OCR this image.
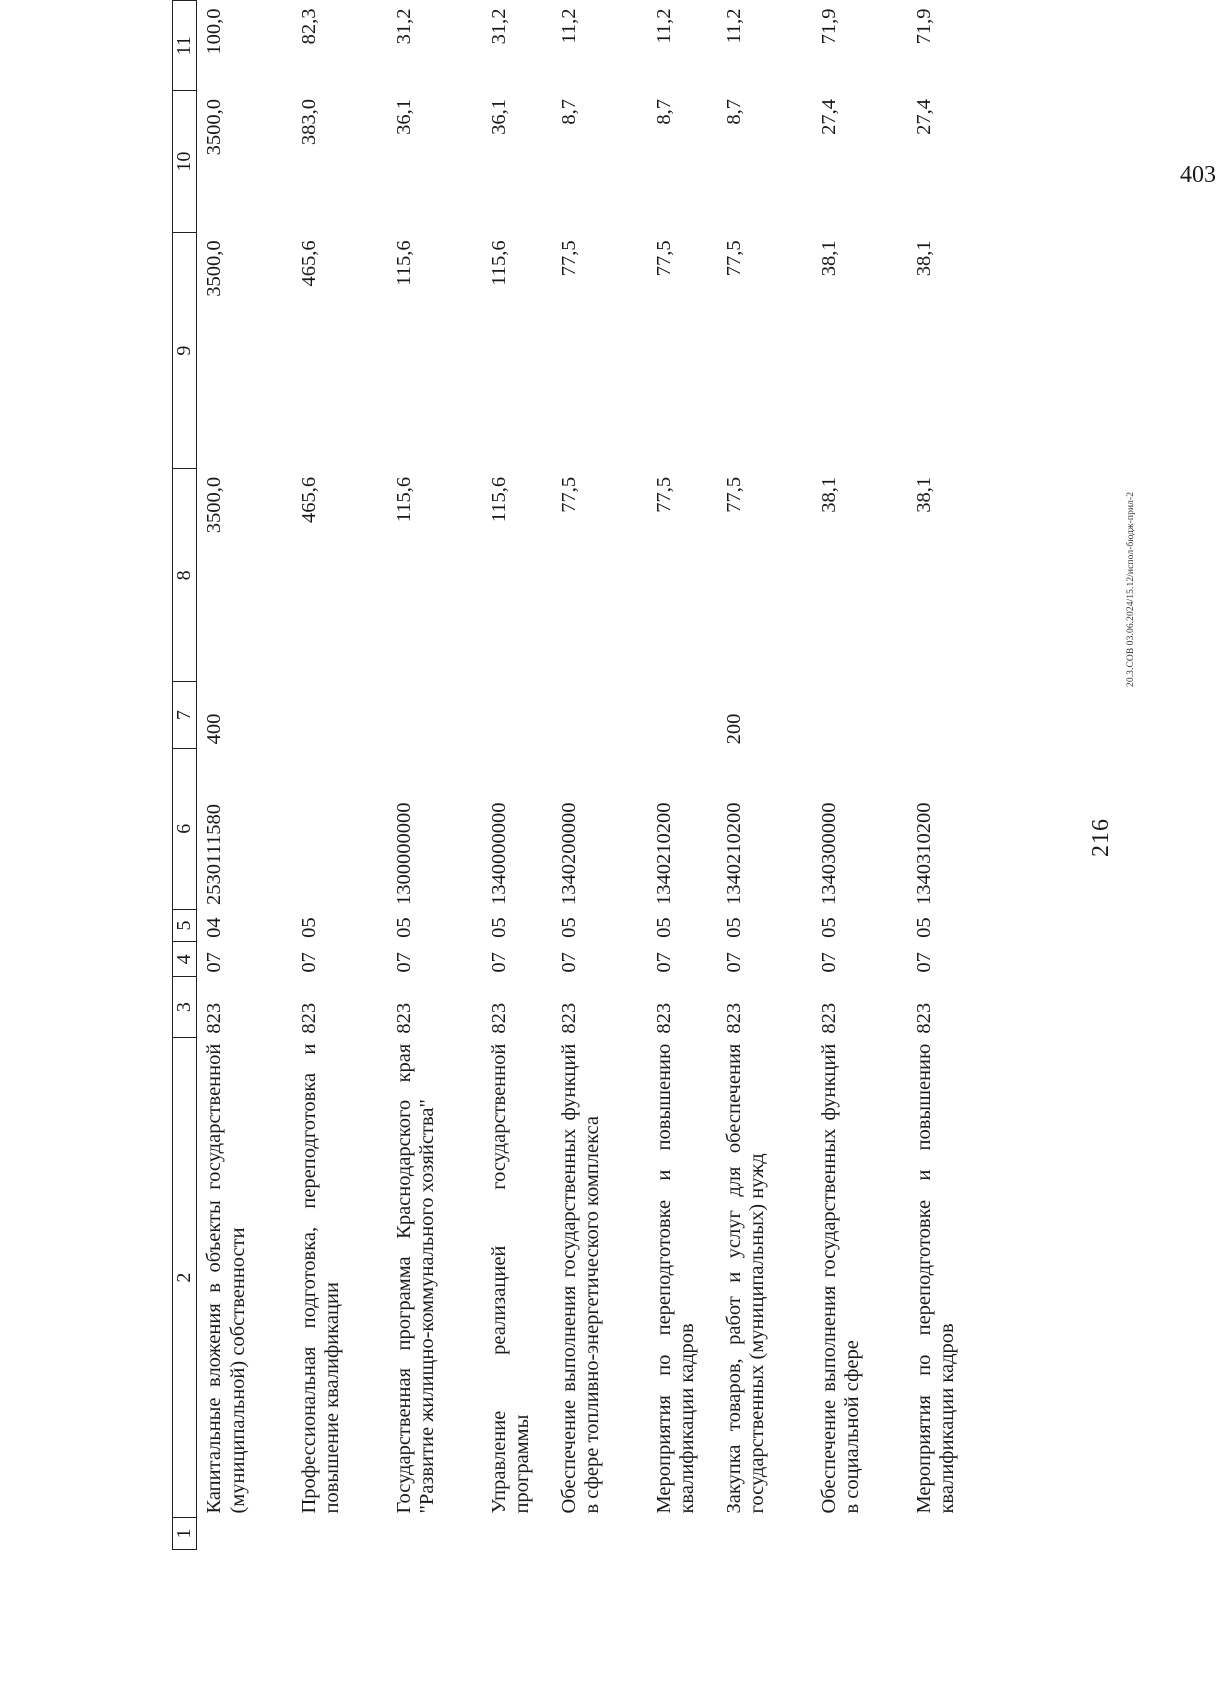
216
1	2	3	4	5	6	7	8	9	10	11
	Капитальные вложения в объекты государственной (муниципальной) собственности	823	07	04	2530111580	400	3500,0	3500,0	3500,0	100,0
	Профессиональная подготовка, переподготовка и повышение квалификации	823	07	05			465,6	465,6	383,0	82,3
	Государственная программа Краснодарского края "Развитие жилищно-коммунального хозяйства"	823	07	05	1300000000		115,6	115,6	36,1	31,2
	Управление реализацией государственной программы	823	07	05	1340000000		115,6	115,6	36,1	31,2
	Обеспечение выполнения государственных функций в сфере топливно-энергетического комплекса	823	07	05	1340200000		77,5	77,5	8,7	11,2
	Мероприятия по переподготовке и повышению квалификации кадров	823	07	05	1340210200		77,5	77,5	8,7	11,2
	Закупка товаров, работ и услуг для обеспечения государственных (муниципальных) нужд	823	07	05	1340210200	200	77,5	77,5	8,7	11,2
	Обеспечение выполнения государственных функций в социальной сфере	823	07	05	1340300000		38,1	38,1	27,4	71,9
	Мероприятия по переподготовке и повышению квалификации кадров	823	07	05	1340310200		38,1	38,1	27,4	71,9
20.3.СОВ 03.06.2024/15.12/испол-бюдж-прил-2
403
